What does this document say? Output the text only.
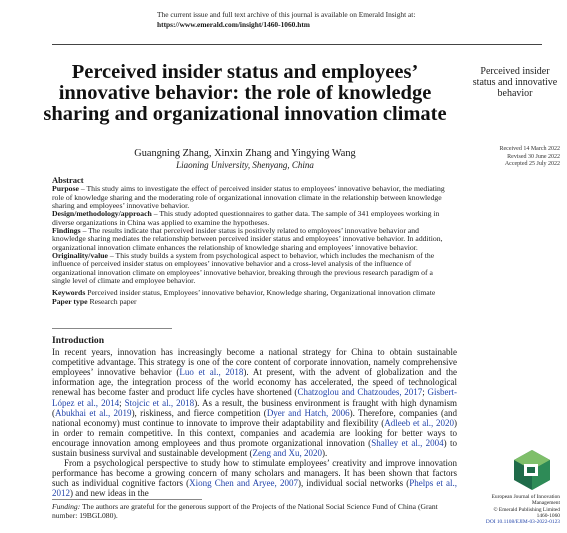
The current issue and full text archive of this journal is available on Emerald Insight at:
https://www.emerald.com/insight/1460-1060.htm
Perceived insider status and employees’ innovative behavior: the role of knowledge sharing and organizational innovation climate
Guangning Zhang, Xinxin Zhang and Yingying Wang
Liaoning University, Shenyang, China
Perceived insider status and innovative behavior
Received 14 March 2022
Revised 30 June 2022
Accepted 25 July 2022

Abstract

Purpose – This study aims to investigate the effect of perceived insider status to employees’ innovative behavior, the mediating role of knowledge sharing and the moderating role of organizational innovation climate in the relationship between knowledge sharing and employees’ innovative behavior.

Design/methodology/approach – This study adopted questionnaires to gather data. The sample of 341 employees working in diverse organizations in China was applied to examine the hypotheses.

Findings – The results indicate that perceived insider status is positively related to employees’ innovative behavior and knowledge sharing mediates the relationship between perceived insider status and employees’ innovative behavior. In addition, organizational innovation climate enhances the relationship of knowledge sharing and employees’ innovative behavior.

Originality/value – This study builds a system from psychological aspect to behavior, which includes the mechanism of the influence of perceived insider status on employees’ innovative behavior and a cross-level analysis of the influence of organizational innovation climate on employees’ innovative behavior, breaking through the previous research paradigm of a single level of climate and employee behavior.

Keywords Perceived insider status, Employees’ innovative behavior, Knowledge sharing, Organizational innovation climate

Paper type Research paper

Introduction

In recent years, innovation has increasingly become a national strategy for China to obtain sustainable competitive advantage. This strategy is one of the core content of corporate innovation, namely comprehensive employees’ innovative behavior (Luo et al., 2018). At present, with the advent of globalization and the information age, the integration process of the world economy has accelerated, the speed of technological renewal has become faster and product life cycles have shortened (Chatzoglou and Chatzoudes, 2017; Gisbert-López et al., 2014; Stojcic et al., 2018). As a result, the business environment is fraught with high dynamism (Abukhai et al., 2019), riskiness, and fierce competition (Dyer and Hatch, 2006). Therefore, companies (and national economy) must continue to innovate to improve their adaptability and flexibility (Adleeb et al., 2020) in order to remain competitive. In this context, companies and academia are looking for better ways to encourage innovation among employees and thus promote organizational innovation (Shalley et al., 2004) to sustain business survival and sustainable development (Zeng and Xu, 2020).

From a psychological perspective to study how to stimulate employees’ creativity and improve innovation performance has become a growing concern of many scholars and managers. It has been shown that factors such as individual cognitive factors (Xiong Chen and Aryee, 2007), individual social networks (Phelps et al., 2012) and new ideas in the

Funding: The authors are grateful for the generous support of the Projects of the National Social Science Fund of China (Grant number: 19BGL080).
European Journal of Innovation Management
© Emerald Publishing Limited
1460-1060
DOI 10.1108/EJIM-03-2022-0123
